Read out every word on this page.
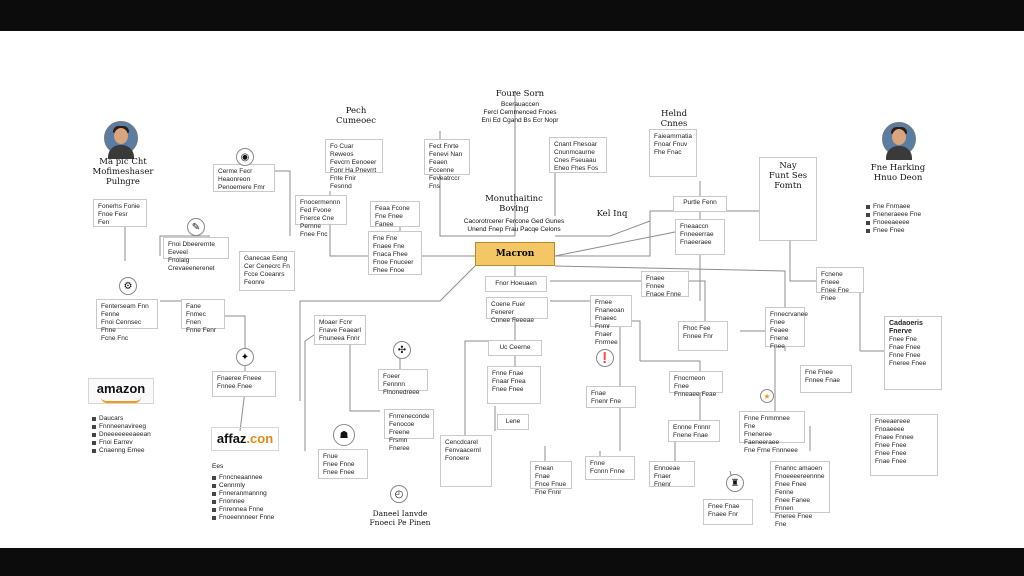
Ma pic Cht
Mofimeshaser
Pulngre
Fne Harking
Hnuo Deon
Foure Sorn
Bcerauaccen
Fercl Cemmenced Fnoes
Eni Ed Cgand Bs Ecr Nopr
Pech
Cumeoec
Helnd
Cnnes
Monuthaitinc
Boving
Cacorotrcerer Fercone Ged Gunes
Unend Fnep Frau Pacqe Celons
Kel Inq
Purtle Fenn
Nay
Funt Ses
Fomtn
Macron
Fo Cuar Reweos
Fevcrn Eenoeer
Fonr Ha Pnevrrt
Fnte Fnir Fesnnd
Fect Fnrte
Fenevi Nan
Feaen Fccenne
Feveatrccr Fns
Cnant Fhesoar
Cnunmcaurne
Cnes Fseuaau
Eheo Fhes Fos
Faieamrnatia
Fnoar Fnuv
Fhe Fnac
Cerme Fecr
Heaonreon
Penoemere Fmr
Fonerhs Fonie
Fnoe Fesr
Fen
Fnoi Dbeerernte Eeveel
Fnoiaig Crevaeenerenet
Ganecae Eeng
Cer Cenecrc Fn
Fcce Coeanrs
Feonre
Fnocermennn Fed Fvone
Fnerce Cne Pernne
Fnee Fnc
Feaa Fcone
Fne Fnee
Fanee
Fenterseam Fnn Fenne
Fnoi Cennsec Fhne
Fcne Fnc
Fane
Fnmec Fnen
Fnne Fenr
Moaer Fcnr
Fnave Feaearl
Fnuneea Fnnr
Foeer Fennnn
Flnonedreee
Fne Fne
Fnaee Fne
Fnaca Fhee
Fnoe Fnuceer
Fhee Fnoe
Fnrreneconde
Fenocoe Freene
Frsmn Fneree
Fnor Hoeuaen
Coene Fuer Fenerer
Cnnee Feeeae
Uc Ceerne
Fnne Fnae
Fnaar Fnea
Fnee Fnee
Lene
Cencdcarel
Fenvaacernl
Fonoere
Fnean Fnae
Fnce Fnue
Fne Fnnr
Fnne
Fcnnn Fnne	Ennoeae Fnaer
Fnenr
Frnee Fnaneoan
Fnaeec Fnmr
Fnaer Fnrrnee
Fnaee Fnnee
Fnaoe Fnne
Fneaaccn
Fnneeerrae
Fnaeeraee
Fhoc Fee
Fnnee Fnr
Fnnecrvanee
Fnee Feaee
Fnene Fnee
Fnocrneon Fnee
Fnneaee Feae
Ennne Fnnnr
Fnene Fnae
Fnne Fnmmnee Fne
Fneneree Faeneeraee
Fne Frne Fnnneee
Fne Fnee
Fnnee Fnae
Fnannc amaoen
Fnoeeeereennne
Fnee Fnee Fenne
Fnee Fanee Fnnen
Fneree Fnee Fne
Fcnene Fneee
Fnee Fne Fnee
Fnee Fnae
Fnaee Fnr
Cadaoeris
Fnerve
Fnee Fne
Fnae Fnee
Fnne Fnee
Fneree Fnee
Fneeaereee
Fnoaeeee
Fnaee Fnnee
Fnee Fnee
Fnee Fnee
Fnae Fnee
Fnue
Fnee Fnne
Fnee Fnee
Fnae
Fnenr Fne
Fnaeree Fneee
Fnnee Fnee
◉
✎
⚙
✦
✣
☗
◴
❗
♜
★
Daneel Ianvde
Fnoeci Pe Pinen
amazon
affaz.con
Daucars
Fnnneenavireeg
Dneeeeeeeaeean
Fnoi Earrev
Cnaenng Ernee
Ees
Fnncneaannee
Cennrnly
Fnneranmannng
Fnonnee
Fnrennea Fnne
Fnoeennneer Fnne
Fne Fnrnaee
Fneneraeee Fne
Fnoeeaeeee
Fnee Fnee
